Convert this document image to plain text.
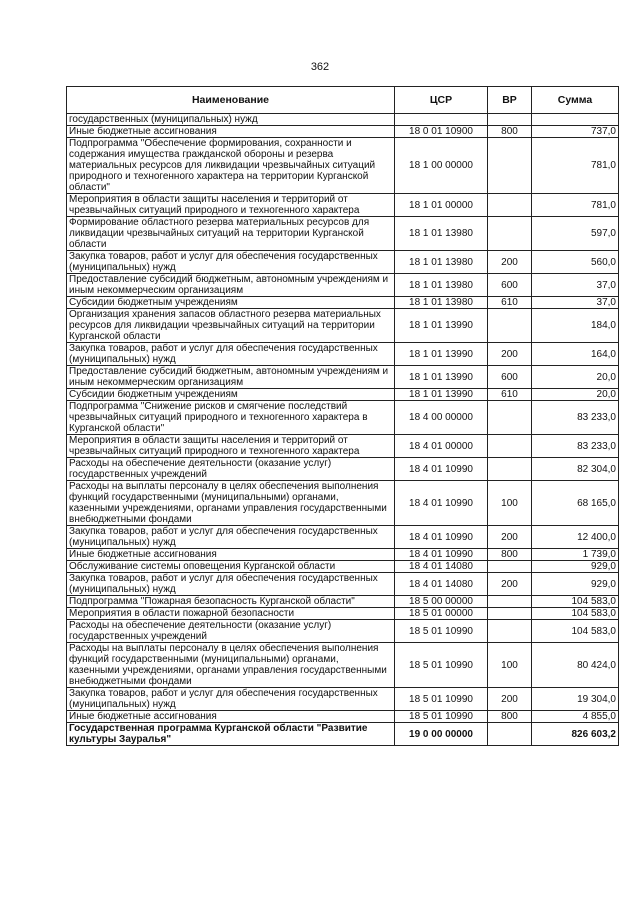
362
Наименование	ЦСР	ВР	Сумма
государственных (муниципальных) нужд			
Иные бюджетные ассигнования	18 0 01 10900	800	737,0
Подпрограмма "Обеспечение формирования, сохранности и содержания имущества гражданской обороны и резерва материальных ресурсов для ликвидации чрезвычайных ситуаций природного и техногенного характера на территории Курганской области"	18 1 00 00000		781,0
Мероприятия в области защиты населения и территорий от чрезвычайных ситуаций природного и техногенного характера	18 1 01 00000		781,0
Формирование областного резерва материальных ресурсов для ликвидации чрезвычайных ситуаций на территории Курганской области	18 1 01 13980		597,0
Закупка товаров, работ и услуг для обеспечения государственных (муниципальных) нужд	18 1 01 13980	200	560,0
Предоставление субсидий бюджетным, автономным учреждениям и иным некоммерческим организациям	18 1 01 13980	600	37,0
Субсидии бюджетным учреждениям	18 1 01 13980	610	37,0
Организация хранения запасов областного резерва материальных ресурсов для ликвидации чрезвычайных ситуаций на территории Курганской области	18 1 01 13990		184,0
Закупка товаров, работ и услуг для обеспечения государственных (муниципальных) нужд	18 1 01 13990	200	164,0
Предоставление субсидий бюджетным, автономным учреждениям и иным некоммерческим организациям	18 1 01 13990	600	20,0
Субсидии бюджетным учреждениям	18 1 01 13990	610	20,0
Подпрограмма "Снижение рисков и смягчение последствий чрезвычайных ситуаций природного и техногенного характера в Курганской области"	18 4 00 00000		83 233,0
Мероприятия в области защиты населения и территорий от чрезвычайных ситуаций природного и техногенного характера	18 4 01 00000		83 233,0
Расходы на обеспечение деятельности (оказание услуг) государственных учреждений	18 4 01 10990		82 304,0
Расходы на выплаты персоналу в целях обеспечения выполнения функций государственными (муниципальными) органами, казенными учреждениями, органами управления государственными внебюджетными фондами	18 4 01 10990	100	68 165,0
Закупка товаров, работ и услуг для обеспечения государственных (муниципальных) нужд	18 4 01 10990	200	12 400,0
Иные бюджетные ассигнования	18 4 01 10990	800	1 739,0
Обслуживание системы оповещения Курганской области	18 4 01 14080		929,0
Закупка товаров, работ и услуг для обеспечения государственных (муниципальных) нужд	18 4 01 14080	200	929,0
Подпрограмма "Пожарная безопасность Курганской области"	18 5 00 00000		104 583,0
Мероприятия в области пожарной безопасности	18 5 01 00000		104 583,0
Расходы на обеспечение деятельности (оказание услуг) государственных учреждений	18 5 01 10990		104 583,0
Расходы на выплаты персоналу в целях обеспечения выполнения функций государственными (муниципальными) органами, казенными учреждениями, органами управления государственными внебюджетными фондами	18 5 01 10990	100	80 424,0
Закупка товаров, работ и услуг для обеспечения государственных (муниципальных) нужд	18 5 01 10990	200	19 304,0
Иные бюджетные ассигнования	18 5 01 10990	800	4 855,0
Государственная программа Курганской области "Развитие культуры Зауралья"	19 0 00 00000		826 603,2
